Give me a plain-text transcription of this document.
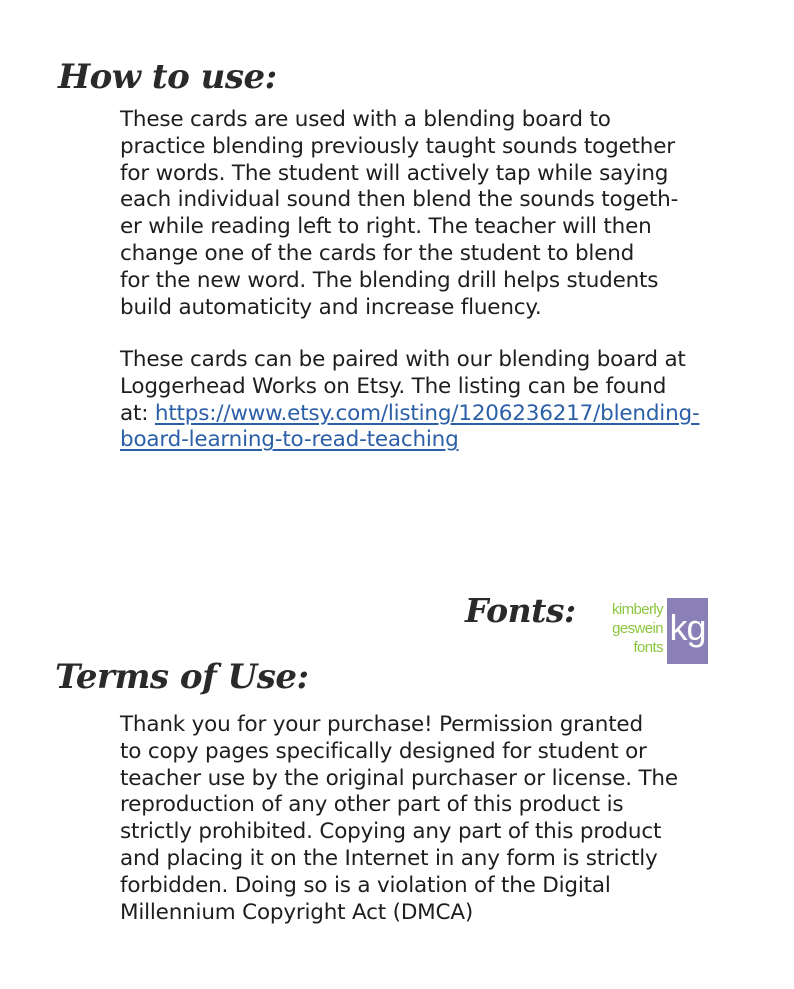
How to use:

These cards are used with a blending board to
practice blending previously taught sounds together
for words. The student will actively tap while saying
each individual sound then blend the sounds togeth-
er while reading left to right. The teacher will then
change one of the cards for the student to blend
for the new word. The blending drill helps students
build automaticity and increase fluency.

These cards can be paired with our blending board at
Loggerhead Works on Etsy. The listing can be found
at: https://www.etsy.com/listing/1206236217/blending-
board-learning-to-read-teaching

Fonts: kimberly
geswein
fonts kg
Terms of Use:

Thank you for your purchase! Permission granted
to copy pages specifically designed for student or
teacher use by the original purchaser or license. The
reproduction of any other part of this product is
strictly prohibited. Copying any part of this product
and placing it on the Internet in any form is strictly
forbidden. Doing so is a violation of the Digital
Millennium Copyright Act (DMCA)
